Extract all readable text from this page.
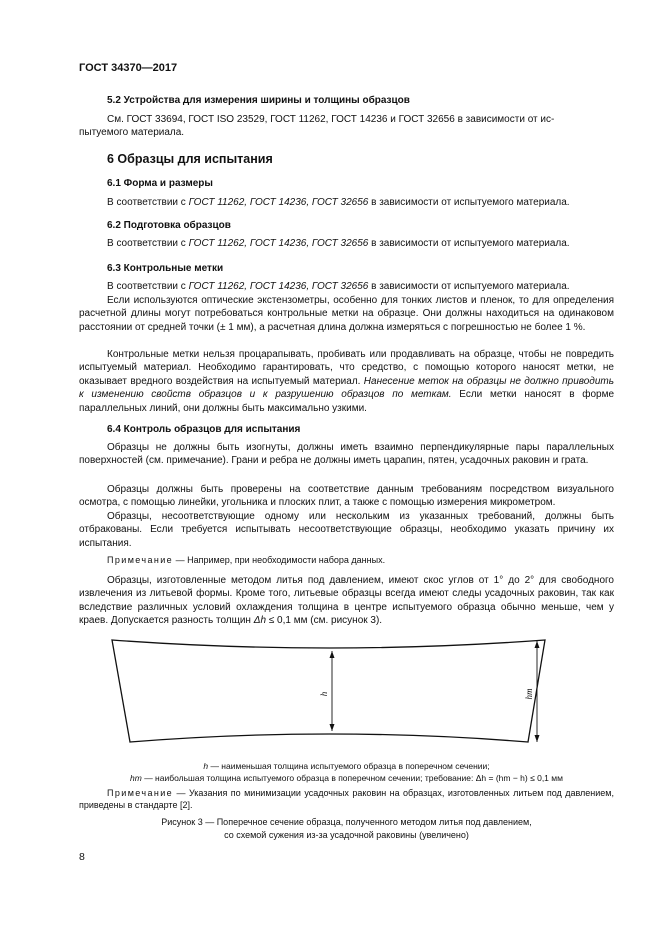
ГОСТ 34370—2017
5.2 Устройства для измерения ширины и толщины образцов
См. ГОСТ 33694, ГОСТ ISO 23529, ГОСТ 11262, ГОСТ 14236 и ГОСТ 32656 в зависимости от ис-
пытуемого материала.
6 Образцы для испытания
6.1 Форма и размеры
В соответствии с ГОСТ 11262, ГОСТ 14236, ГОСТ 32656 в зависимости от испытуемого материала.
6.2 Подготовка образцов
В соответствии с ГОСТ 11262, ГОСТ 14236, ГОСТ 32656 в зависимости от испытуемого материала.
6.3 Контрольные метки
В соответствии с ГОСТ 11262, ГОСТ 14236, ГОСТ 32656 в зависимости от испытуемого материала.
Если используются оптические экстензометры, особенно для тонких листов и пленок, то для определения расчетной длины могут потребоваться контрольные метки на образце. Они должны находиться на одинаковом расстоянии от средней точки (± 1 мм), а расчетная длина должна измеряться с погрешностью не более 1 %.
Контрольные метки нельзя процарапывать, пробивать или продавливать на образце, чтобы не повредить испытуемый материал. Необходимо гарантировать, что средство, с помощью которого наносят метки, не оказывает вредного воздействия на испытуемый материал. Нанесение меток на образцы не должно приводить к изменению свойств образцов и к разрушению образцов по меткам. Если метки наносят в форме параллельных линий, они должны быть максимально узкими.
6.4 Контроль образцов для испытания
Образцы не должны быть изогнуты, должны иметь взаимно перпендикулярные пары параллельных поверхностей (см. примечание). Грани и ребра не должны иметь царапин, пятен, усадочных раковин и грата.
Образцы должны быть проверены на соответствие данным требованиям посредством визуального осмотра, с помощью линейки, угольника и плоских плит, а также с помощью измерения микрометром.
Образцы, несоответствующие одному или нескольким из указанных требований, должны быть отбракованы. Если требуется испытывать несоответствующие образцы, необходимо указать причину их испытания.
Примечание — Например, при необходимости набора данных.
Образцы, изготовленные методом литья под давлением, имеют скос углов от 1° до 2° для свободного извлечения из литьевой формы. Кроме того, литьевые образцы всегда имеют следы усадочных раковин, так как вследствие различных условий охлаждения толщина в центре испытуемого образца обычно меньше, чем у краев. Допускается разность толщин Δh ≤ 0,1 мм (см. рисунок 3).
h	hm
h — наименьшая толщина испытуемого образца в поперечном сечении;
hm — наибольшая толщина испытуемого образца в поперечном сечении; требование: Δh = (hm − h) ≤ 0,1 мм
Примечание — Указания по минимизации усадочных раковин на образцах, изготовленных литьем под давлением, приведены в стандарте [2].
Рисунок 3 — Поперечное сечение образца, полученного методом литья под давлением,
со схемой сужения из-за усадочной раковины (увеличено)
8
